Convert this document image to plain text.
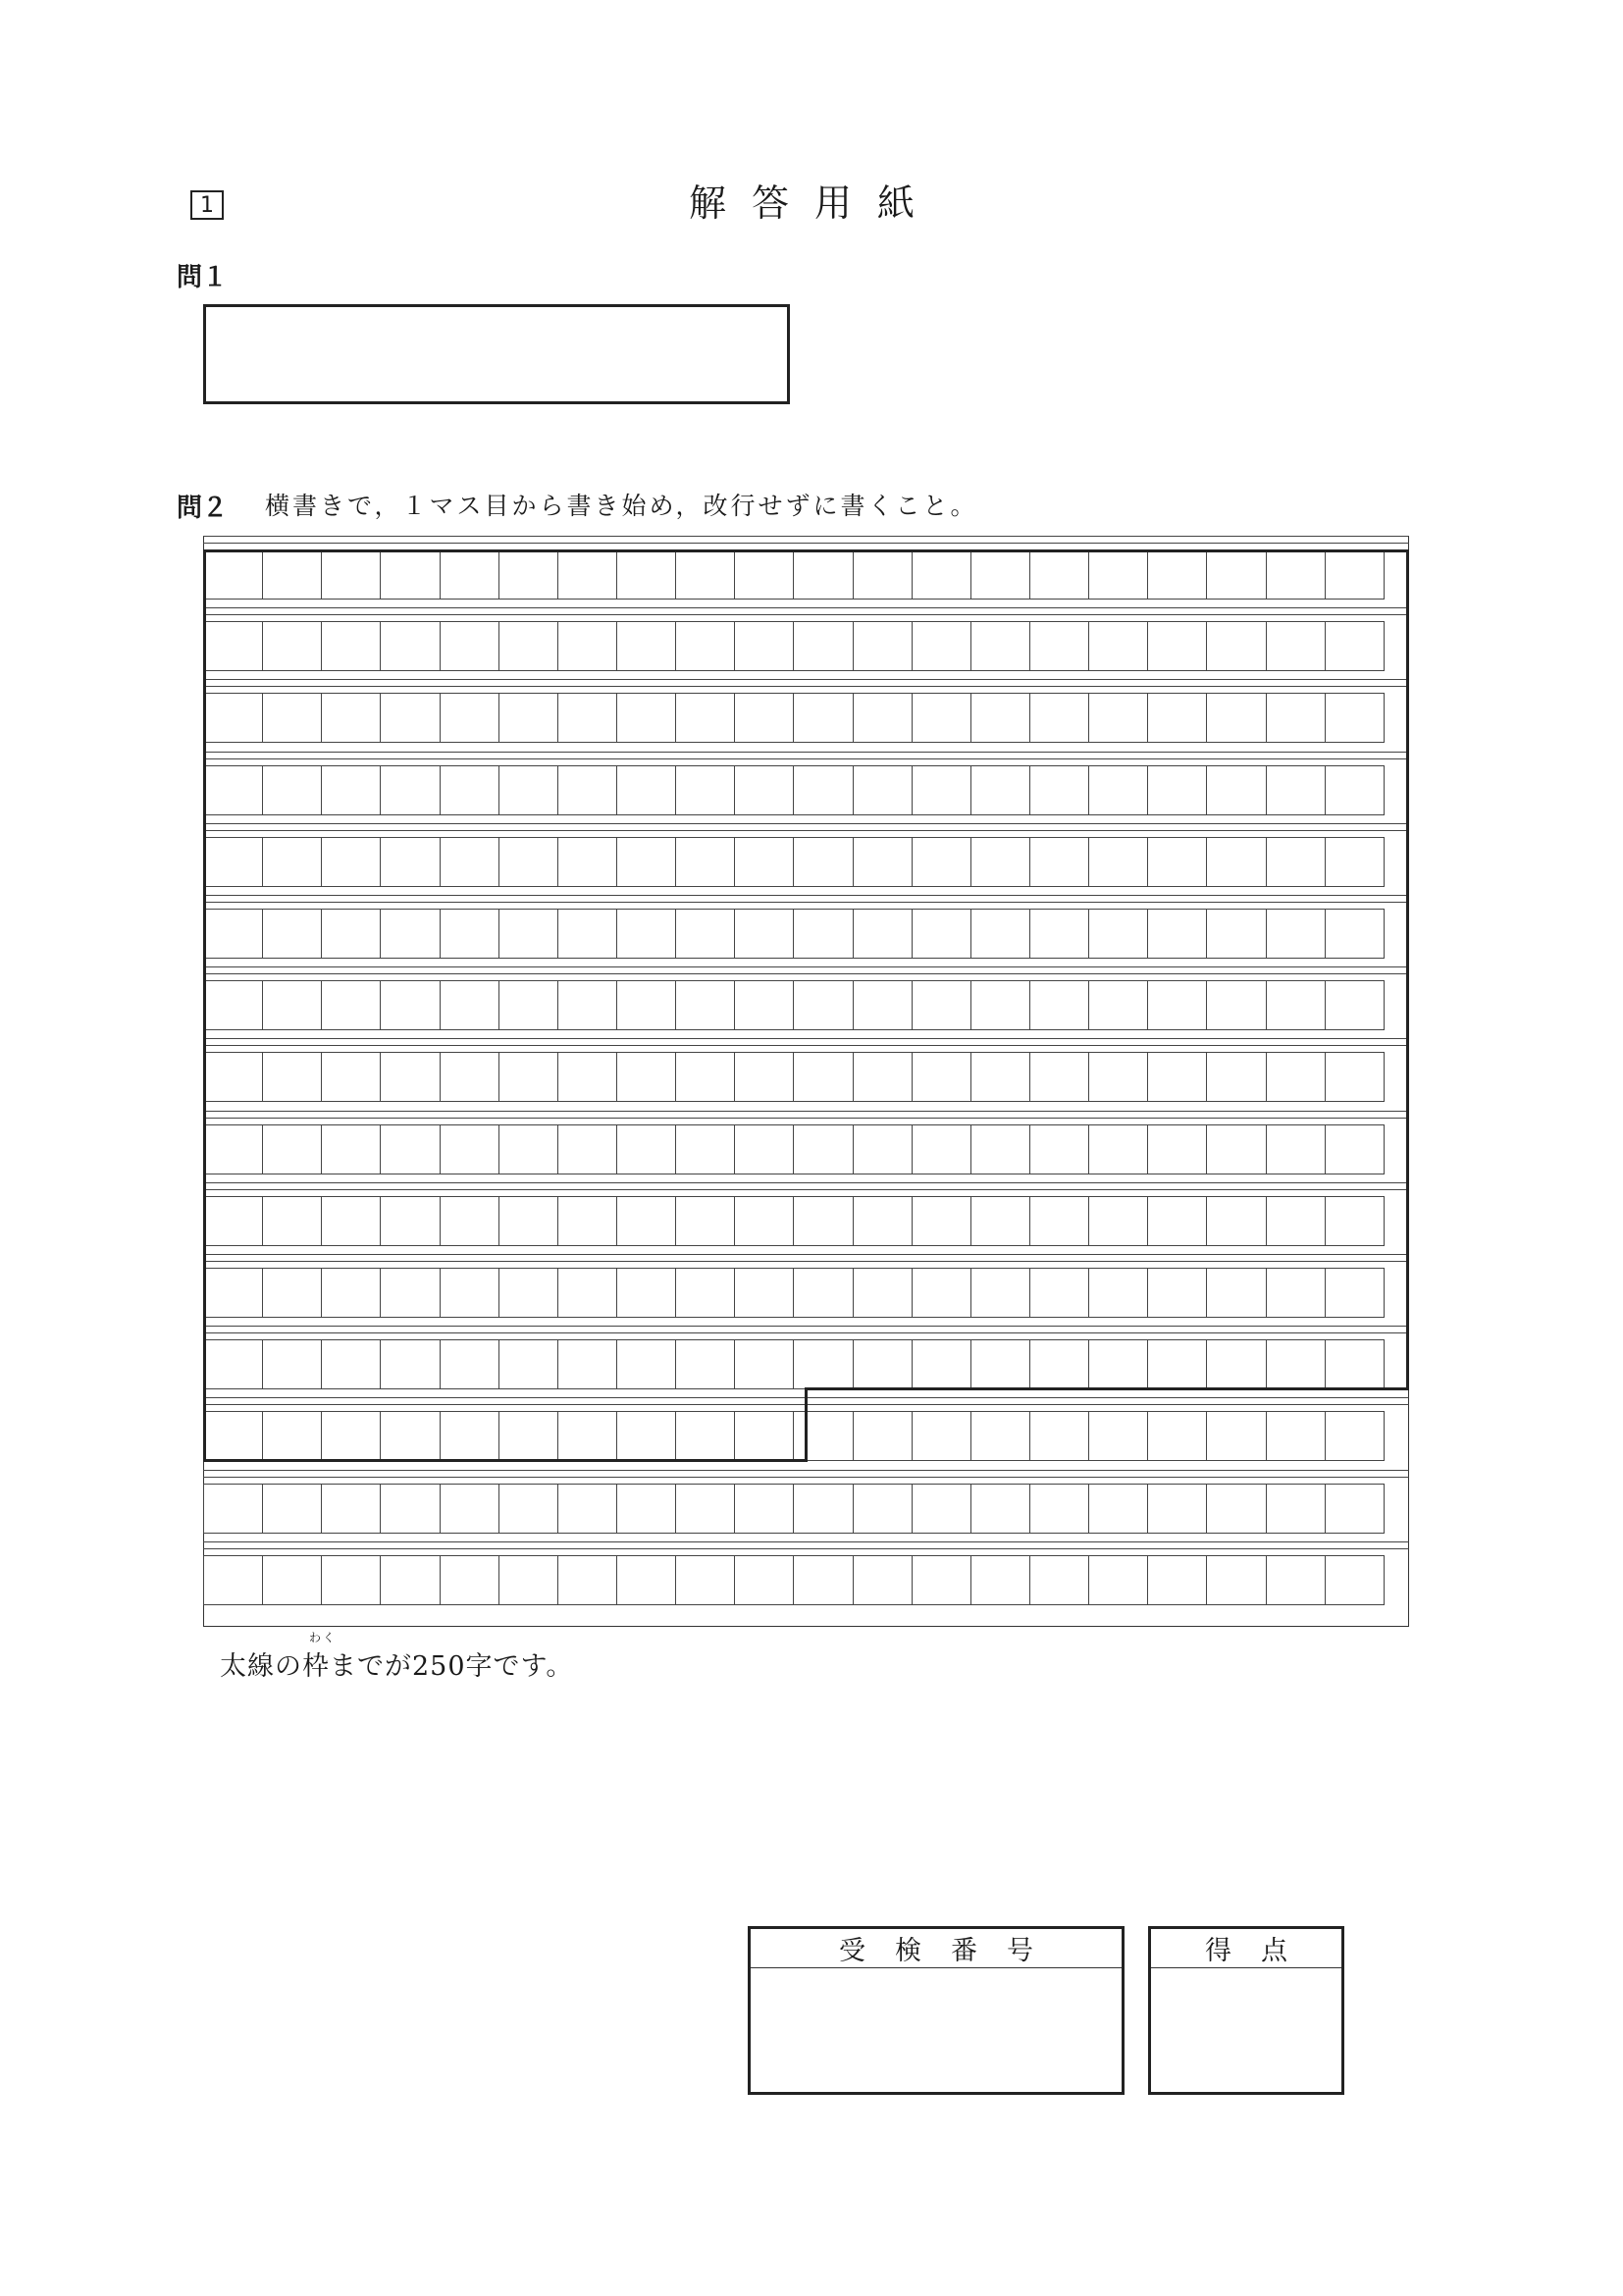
1	解答用紙
問１
問２ 横書きで，１マス目から書き始め，改行せずに書くこと。
わく
太線の枠までが250字です。
受検番号	得点
